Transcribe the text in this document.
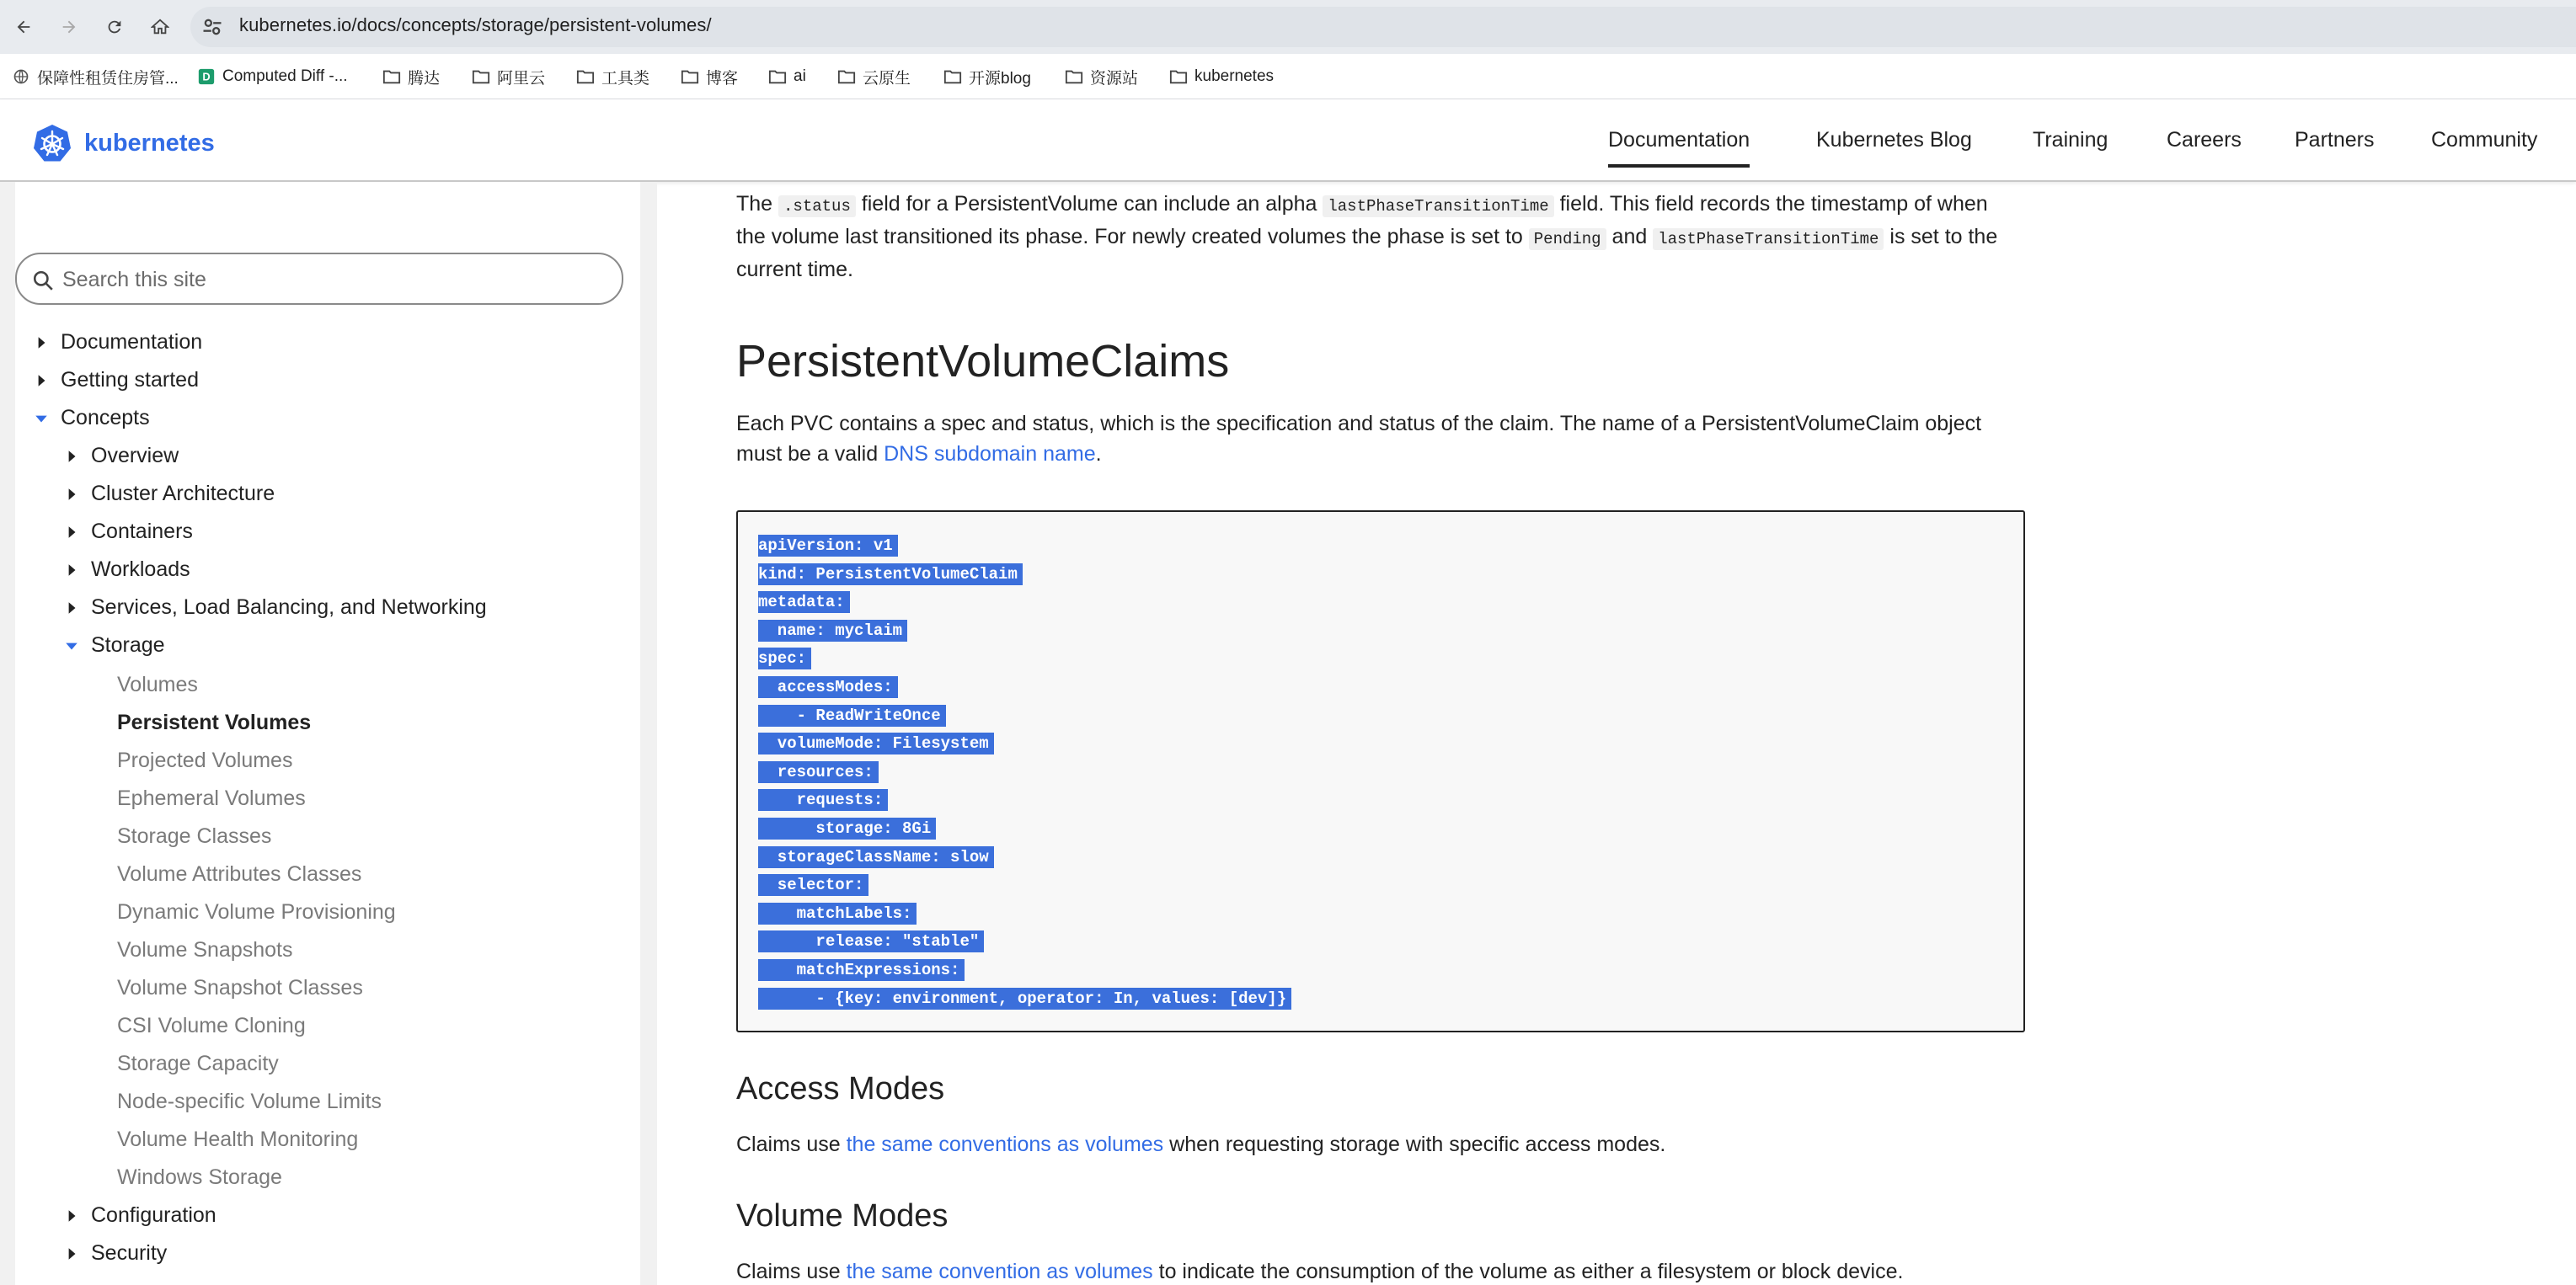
kubernetes.io/docs/concepts/storage/persistent-volumes/
保障性租赁住房管... D Computed Diff -...	腾达	阿里云	工具类	博客	ai	云原生	开源blog	资源站	kubernetes
kubernetes	Documentation	Kubernetes Blog	Training	Careers	Partners	Community
Search this site
Documentation
Getting started
Concepts
Overview
Cluster Architecture
Containers
Workloads
Services, Load Balancing, and Networking
Storage
Volumes
Persistent Volumes
Projected Volumes
Ephemeral Volumes
Storage Classes
Volume Attributes Classes
Dynamic Volume Provisioning
Volume Snapshots
Volume Snapshot Classes
CSI Volume Cloning
Storage Capacity
Node-specific Volume Limits
Volume Health Monitoring
Windows Storage
Configuration
Security

The .status field for a PersistentVolume can include an alpha lastPhaseTransitionTime field. This field records the timestamp of when the volume last transitioned its phase. For newly created volumes the phase is set to Pending and lastPhaseTransitionTime is set to the current time.

PersistentVolumeClaims

Each PVC contains a spec and status, which is the specification and status of the claim. The name of a PersistentVolumeClaim object must be a valid DNS subdomain name.

apiVersion: v1
kind: PersistentVolumeClaim
metadata:
name: myclaim
spec:
accessModes:
- ReadWriteOnce
volumeMode: Filesystem
resources:
requests:
storage: 8Gi
storageClassName: slow
selector:
matchLabels:
release: "stable"
matchExpressions:
- {key: environment, operator: In, values: [dev]}
Access Modes

Claims use the same conventions as volumes when requesting storage with specific access modes.

Volume Modes

Claims use the same convention as volumes to indicate the consumption of the volume as either a filesystem or block device.
